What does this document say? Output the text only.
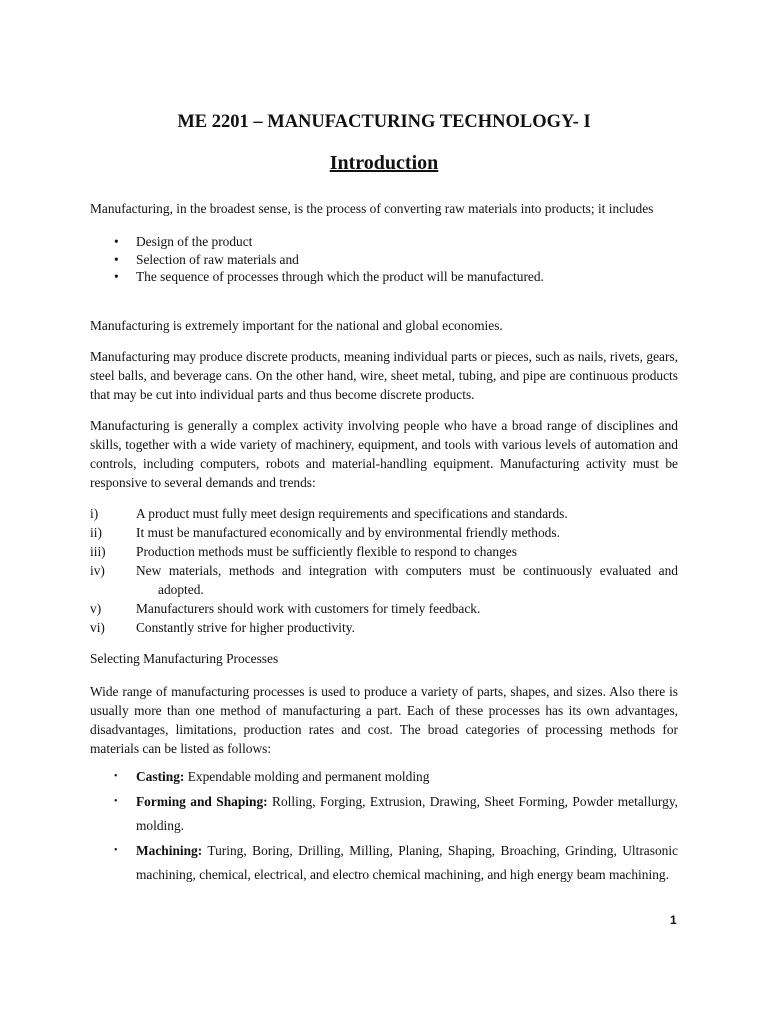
ME 2201 – MANUFACTURING TECHNOLOGY- I
Introduction

Manufacturing, in the broadest sense, is the process of converting raw materials into products; it includes

• Design of the product
• Selection of raw materials and
• The sequence of processes through which the product will be manufactured.

Manufacturing is extremely important for the national and global economies.

Manufacturing may produce discrete products, meaning individual parts or pieces, such as nails, rivets, gears, steel balls, and beverage cans. On the other hand, wire, sheet metal, tubing, and pipe are continuous products that may be cut into individual parts and thus become discrete products.

Manufacturing is generally a complex activity involving people who have a broad range of disciplines and skills, together with a wide variety of machinery, equipment, and tools with various levels of automation and controls, including computers, robots and material-handling equipment. Manufacturing activity must be responsive to several demands and trends:

i)	A product must fully meet design requirements and specifications and standards.
ii)	It must be manufactured economically and by environmental friendly methods.
iii) Production methods must be sufficiently flexible to respond to changes
iv) New materials, methods and integration with computers must be continuously evaluated and adopted.
v)	Manufacturers should work with customers for timely feedback.
vi) Constantly strive for higher productivity.

Selecting Manufacturing Processes

Wide range of manufacturing processes is used to produce a variety of parts, shapes, and sizes. Also there is usually more than one method of manufacturing a part. Each of these processes has its own advantages, disadvantages, limitations, production rates and cost. The broad categories of processing methods for materials can be listed as follows:

• Casting: Expendable molding and permanent molding
• Forming and Shaping: Rolling, Forging, Extrusion, Drawing, Sheet Forming, Powder metallurgy, molding.
• Machining: Turing, Boring, Drilling, Milling, Planing, Shaping, Broaching, Grinding, Ultrasonic machining, chemical, electrical, and electro chemical machining, and high energy beam machining.
1
